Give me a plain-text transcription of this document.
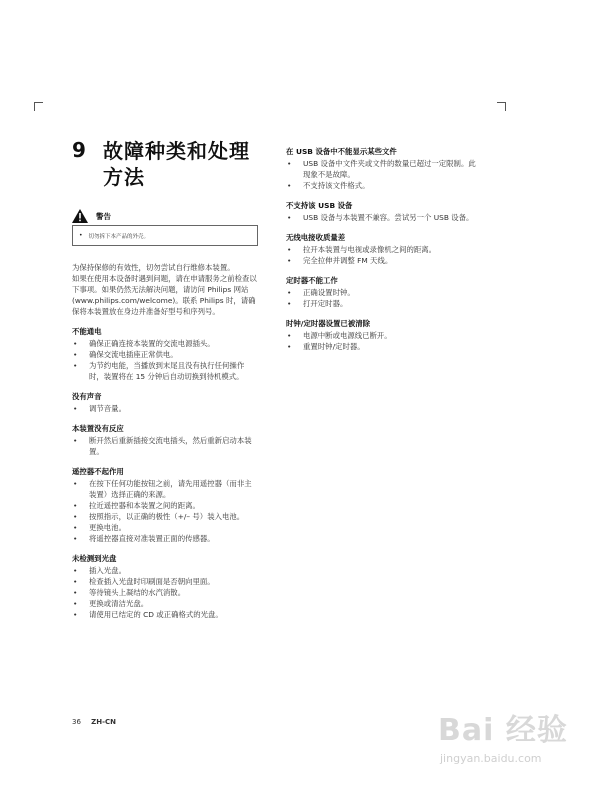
9 故障种类和处理方法
警告
• 切勿拆下本产品的外壳。

为保持保修的有效性，切勿尝试自行维修本装置。

如果在使用本设备时遇到问题，请在申请服务之前检查以下事项。如果仍然无法解决问题，请访问 Philips 网站 (www.philips.com/welcome)。联系 Philips 时，请确保将本装置放在身边并准备好型号和序列号。

不能通电
• 确保正确连接本装置的交流电源插头。
• 确保交流电插座正常供电。
• 为节约电能，当播放到末尾且没有执行任何操作时，装置将在 15 分钟后自动切换到待机模式。
没有声音
• 调节音量。
本装置没有反应
• 断开然后重新插接交流电插头，然后重新启动本装置。
遥控器不起作用
• 在按下任何功能按钮之前，请先用遥控器（而非主装置）选择正确的来源。
• 拉近遥控器和本装置之间的距离。
• 按照指示，以正确的极性（+/– 号）装入电池。
• 更换电池。
• 将遥控器直接对准装置正面的传感器。
未检测到光盘
• 插入光盘。
• 检查插入光盘时印刷面是否朝向里面。
• 等待镜头上凝结的水汽消散。
• 更换或清洁光盘。
• 请使用已结定的 CD 或正确格式的光盘。
在 USB 设备中不能显示某些文件
• USB 设备中文件夹或文件的数量已超过一定限制。此现象不是故障。
• 不支持该文件格式。
不支持该 USB 设备
• USB 设备与本装置不兼容。尝试另一个 USB 设备。
无线电接收质量差
• 拉开本装置与电视或录像机之间的距离。
• 完全拉伸并调整 FM 天线。
定时器不能工作
• 正确设置时钟。
• 打开定时器。
时钟/定时器设置已被清除
• 电源中断或电源线已断开。
• 重置时钟/定时器。
36 ZH-CN	Bai 经验
jingyan.baidu.com
